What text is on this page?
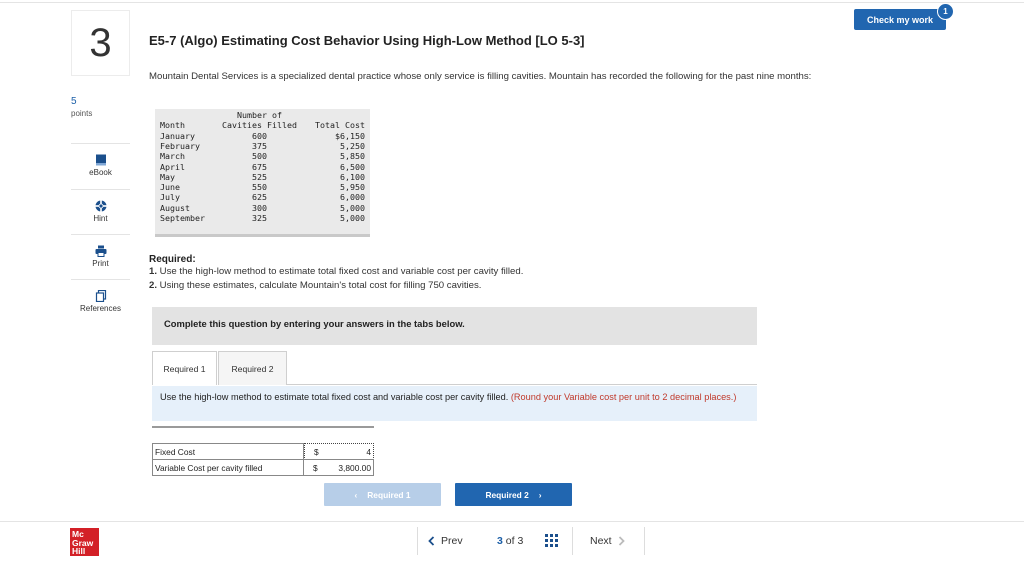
Check my work
1
3
5
points
eBook
Hint
Print
References
E5-7 (Algo) Estimating Cost Behavior Using High-Low Method [LO 5-3]
Mountain Dental Services is a specialized dental practice whose only service is filling cavities. Mountain has recorded the following for the past nine months:
Number of
Month	Cavities Filled	Total Cost
January	600	$6,150
February	375	5,250
March	500	5,850
April	675	6,500
May	525	6,100
June	550	5,950
July	625	6,000
August	300	5,000
September	325	5,000
Required:
1. Use the high-low method to estimate total fixed cost and variable cost per cavity filled.
2. Using these estimates, calculate Mountain's total cost for filling 750 cavities.
Complete this question by entering your answers in the tabs below.
Required 1	Required 2
Use the high-low method to estimate total fixed cost and variable cost per cavity filled. (Round your Variable cost per unit to 2 decimal places.)
Fixed Cost	$	4
Variable Cost per cavity filled	$ 3,800.00
‹ Required 1	Required 2 ›
Mc
Graw
Hill
Prev	3 of 3	Next
